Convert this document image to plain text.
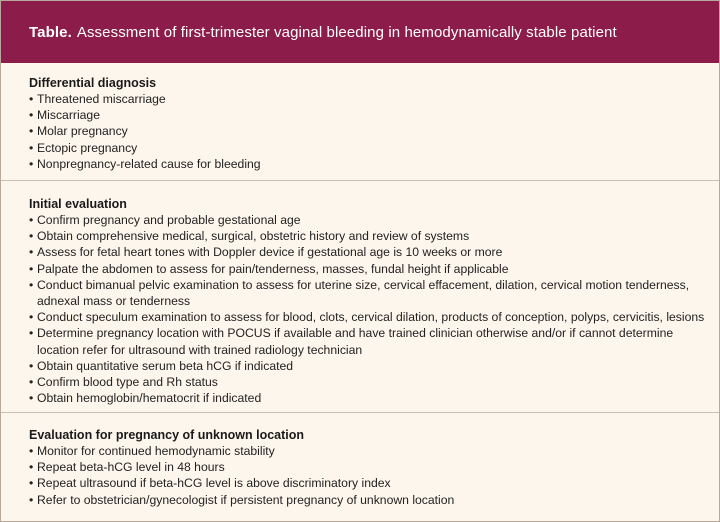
Table. Assessment of first-trimester vaginal bleeding in hemodynamically stable patient

Differential diagnosis

• Threatened miscarriage
• Miscarriage
• Molar pregnancy
• Ectopic pregnancy
• Nonpregnancy-related cause for bleeding

Initial evaluation

• Confirm pregnancy and probable gestational age
• Obtain comprehensive medical, surgical, obstetric history and review of systems
• Assess for fetal heart tones with Doppler device if gestational age is 10 weeks or more
• Palpate the abdomen to assess for pain/tenderness, masses, fundal height if applicable
• Conduct bimanual pelvic examination to assess for uterine size, cervical effacement, dilation, cervical motion tenderness, adnexal mass or tenderness
• Conduct speculum examination to assess for blood, clots, cervical dilation, products of conception, polyps, cervicitis, lesions
• Determine pregnancy location with POCUS if available and have trained clinician otherwise and/or if cannot determine location refer for ultrasound with trained radiology technician
• Obtain quantitative serum beta hCG if indicated
• Confirm blood type and Rh status
• Obtain hemoglobin/hematocrit if indicated

Evaluation for pregnancy of unknown location

• Monitor for continued hemodynamic stability
• Repeat beta-hCG level in 48 hours
• Repeat ultrasound if beta-hCG level is above discriminatory index
• Refer to obstetrician/gynecologist if persistent pregnancy of unknown location
